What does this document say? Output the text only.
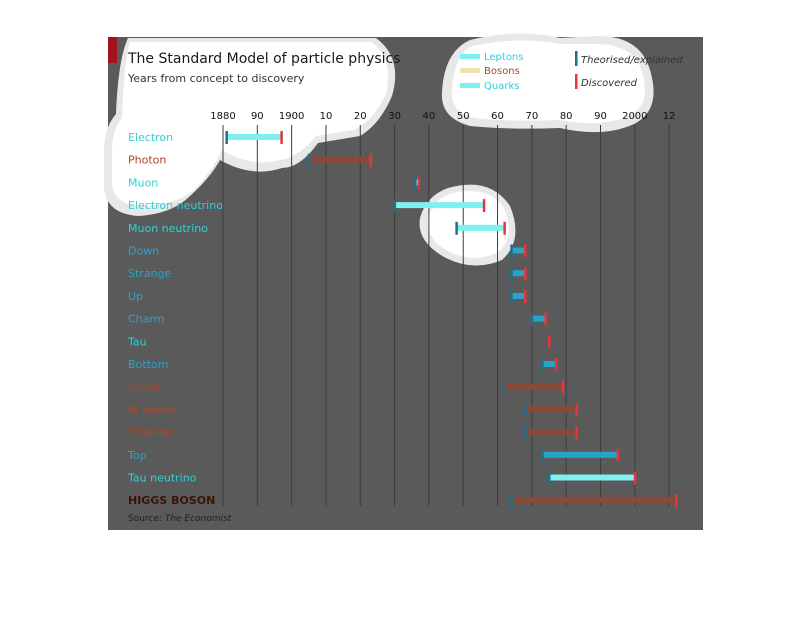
The Standard Model of particle physics
Years from concept to discovery
Leptons
Bosons
Quarks
Theorised/explained
Discovered
1880 90 1900 10 20 30 40 50 60 70 80 90 2000 12
Electron
Photon
Muon
Electron neutrino
Muon neutrino
Down
Strange
Up
Charm
Tau
Bottom
Gluon
W boson
Z boson
Top
Tau neutrino
HIGGS BOSON
Source: The Economist
